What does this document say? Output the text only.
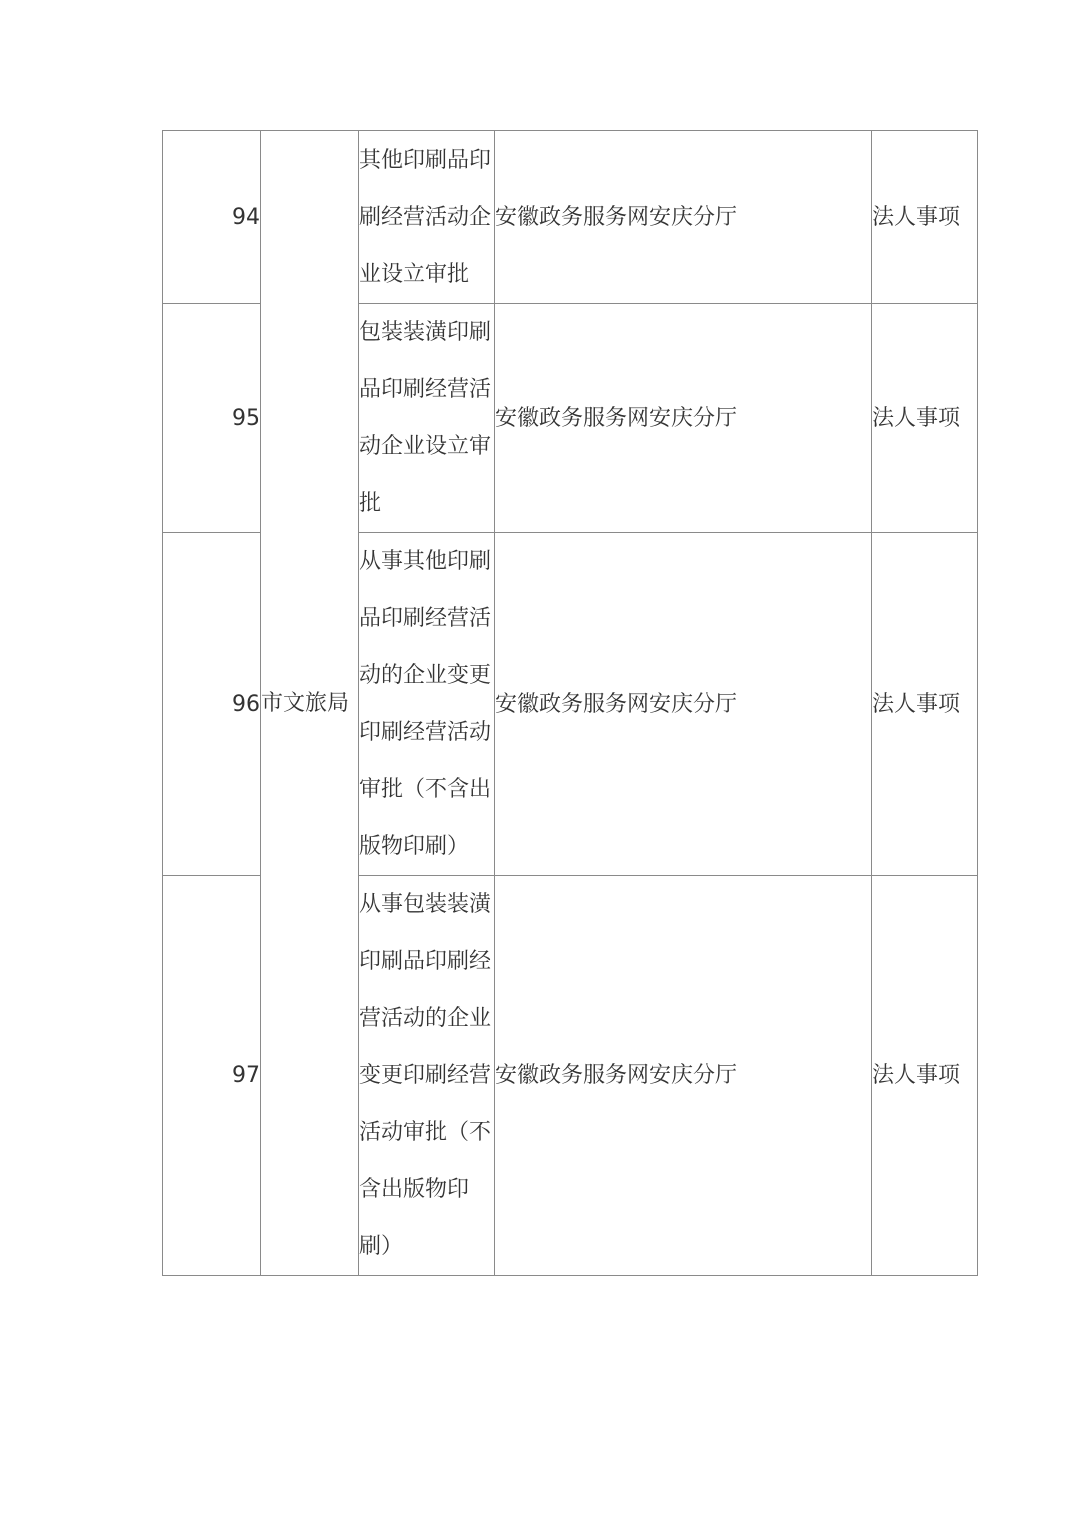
94	市文旅局	其他印刷品印刷经营活动企业设立审批	安徽政务服务网安庆分厅	法人事项
95		包装装潢印刷品印刷经营活动企业设立审批	安徽政务服务网安庆分厅	法人事项
96		从事其他印刷品印刷经营活动的企业变更印刷经营活动审批（不含出版物印刷）	安徽政务服务网安庆分厅	法人事项
97		从事包装装潢印刷品印刷经营活动的企业变更印刷经营活动审批（不含出版物印刷）	安徽政务服务网安庆分厅	法人事项
